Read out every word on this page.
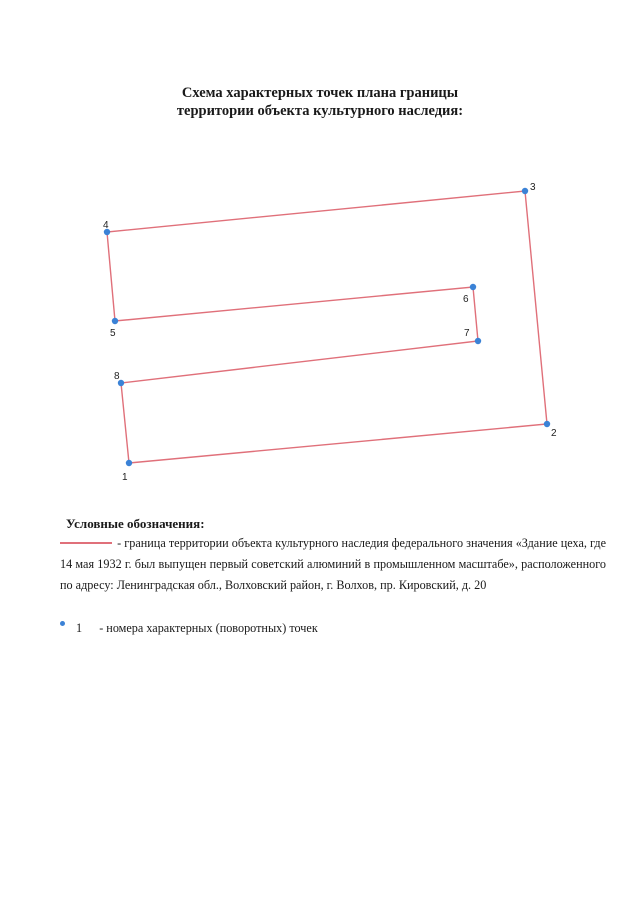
Схема характерных точек плана границы
территории объекта культурного наследия:
1
2
3
4
5
6
7
8
Условные обозначения:
- граница территории объекта культурного наследия федерального значения «Здание цеха, где 14 мая 1932 г. был выпущен первый советский алюминий в промышленном масштабе», расположенного по адресу: Ленинградская обл., Волховский район, г. Волхов, пр. Кировский, д. 20
1 - номера характерных (поворотных) точек
